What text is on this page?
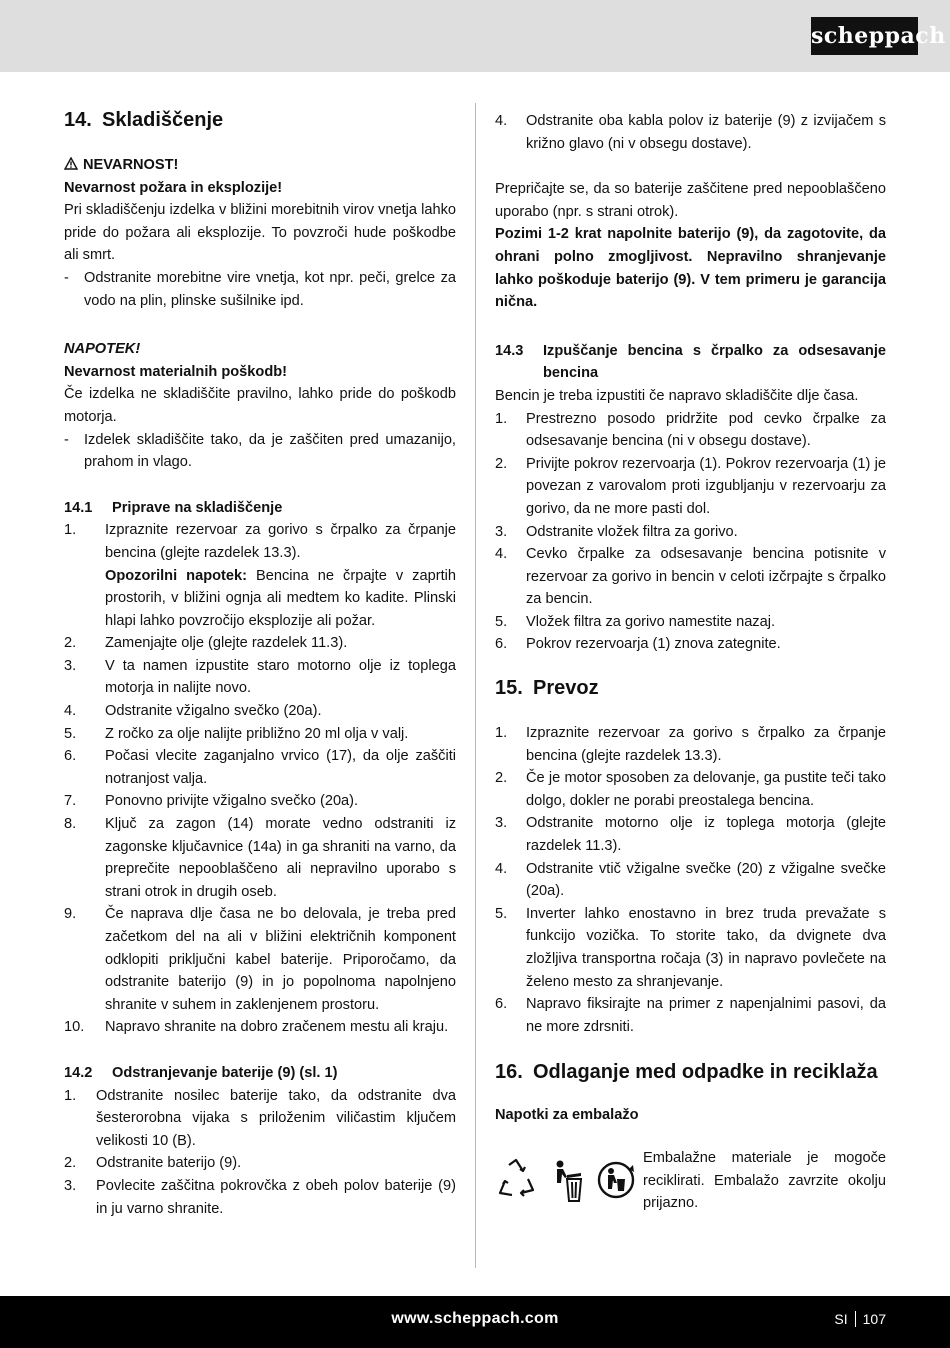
scheppach
14. Skladiščenje

NEVARNOST!

Nevarnost požara in eksplozije!

Pri skladiščenju izdelka v bližini morebitnih virov vnetja lahko pride do požara ali eksplozije. To povzroči hude poškodbe ali smrt.

-	Odstranite morebitne vire vnetja, kot npr. peči, grelce za vodo na plin, plinske sušilnike ipd.

NAPOTEK!

Nevarnost materialnih poškodb!

Če izdelka ne skladiščite pravilno, lahko pride do poškodb motorja.

-	Izdelek skladiščite tako, da je zaščiten pred umazanijo, prahom in vlago.

14.1 Priprave na skladiščenje

1.	Izpraznite rezervoar za gorivo s črpalko za črpanje bencina (glejte razdelek 13.3).
Opozorilni napotek: Bencina ne črpajte v zaprtih prostorih, v bližini ognja ali medtem ko kadite. Plinski hlapi lahko povzročijo eksplozije ali požar.
2.	Zamenjajte olje (glejte razdelek 11.3).
3.	V ta namen izpustite staro motorno olje iz toplega motorja in nalijte novo.
4.	Odstranite vžigalno svečko (20a).
5.	Z ročko za olje nalijte približno 20 ml olja v valj.
6.	Počasi vlecite zaganjalno vrvico (17), da olje zaščiti notranjost valja.
7.	Ponovno privijte vžigalno svečko (20a).
8.	Ključ za zagon (14) morate vedno odstraniti iz zagonske ključavnice (14a) in ga shraniti na varno, da preprečite nepooblaščeno ali nepravilno uporabo s strani otrok in drugih oseb.
9.	Če naprava dlje časa ne bo delovala, je treba pred začetkom del na ali v bližini električnih komponent odklopiti priključni kabel baterije. Priporočamo, da odstranite baterijo (9) in jo popolnoma napolnjeno shranite v suhem in zaklenjenem prostoru.
10.	Napravo shranite na dobro zračenem mestu ali kraju.

14.2 Odstranjevanje baterije (9) (sl. 1)

1.	Odstranite nosilec baterije tako, da odstranite dva šesterorobna vijaka s priloženim viličastim ključem velikosti 10 (B).
2.	Odstranite baterijo (9).
3.	Povlecite zaščitna pokrovčka z obeh polov baterije (9) in ju varno shranite.
4.	Odstranite oba kabla polov iz baterije (9) z izvijačem s križno glavo (ni v obsegu dostave).

Prepričajte se, da so baterije zaščitene pred nepooblaščeno uporabo (npr. s strani otrok).

Pozimi 1-2 krat napolnite baterijo (9), da zagotovite, da ohrani polno zmogljivost. Nepravilno shranjevanje lahko poškoduje baterijo (9). V tem primeru je garancija nična.

14.3	Izpuščanje bencina s črpalko za odsesavanje bencina

Bencin je treba izpustiti če napravo skladiščite dlje časa.

1.	Prestrezno posodo pridržite pod cevko črpalke za odsesavanje bencina (ni v obsegu dostave).
2.	Privijte pokrov rezervoarja (1). Pokrov rezervoarja (1) je povezan z varovalom proti izgubljanju v rezervoarju za gorivo, da ne more pasti dol.
3.	Odstranite vložek filtra za gorivo.
4.	Cevko črpalke za odsesavanje bencina potisnite v rezervoar za gorivo in bencin v celoti izčrpajte s črpalko za bencin.
5.	Vložek filtra za gorivo namestite nazaj.
6.	Pokrov rezervoarja (1) znova zategnite.
15. Prevoz
1.	Izpraznite rezervoar za gorivo s črpalko za črpanje bencina (glejte razdelek 13.3).
2.	Če je motor sposoben za delovanje, ga pustite teči tako dolgo, dokler ne porabi preostalega bencina.
3.	Odstranite motorno olje iz toplega motorja (glejte razdelek 11.3).
4.	Odstranite vtič vžigalne svečke (20) z vžigalne svečke (20a).
5.	Inverter lahko enostavno in brez truda prevažate s funkcijo vozička. To storite tako, da dvignete dva zložljiva transportna ročaja (3) in napravo povlečete na želeno mesto za shranjevanje.
6.	Napravo fiksirajte na primer z napenjalnimi pasovi, da ne more zdrsniti.
16. Odlaganje med odpadke in reciklaža

Napotki za embalažo

Embalažne materiale je mogoče reciklirati. Embalažo zavrzite okolju prijazno.

www.scheppach.com	SI 107
